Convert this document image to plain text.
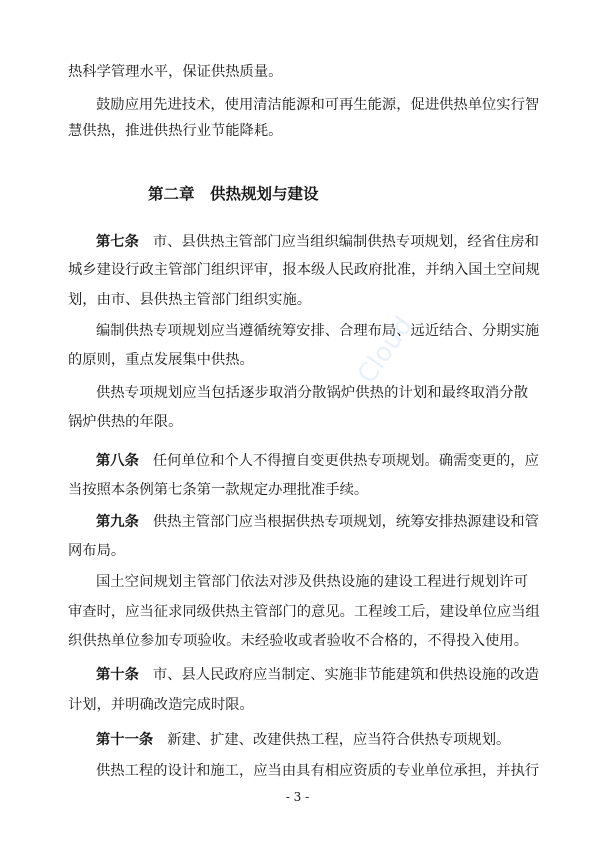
热科学管理水平，保证供热质量。
鼓励应用先进技术，使用清洁能源和可再生能源，促进供热单位实行智
慧供热，推进供热行业节能降耗。
第二章　供热规划与建设
第七条 市、县供热主管部门应当组织编制供热专项规划，经省住房和
城乡建设行政主管部门组织评审，报本级人民政府批准，并纳入国土空间规
划，由市、县供热主管部门组织实施。
编制供热专项规划应当遵循统筹安排、合理布局、远近结合、分期实施
的原则，重点发展集中供热。
供热专项规划应当包括逐步取消分散锅炉供热的计划和最终取消分散
锅炉供热的年限。
第八条 任何单位和个人不得擅自变更供热专项规划。确需变更的，应
当按照本条例第七条第一款规定办理批准手续。
第九条 供热主管部门应当根据供热专项规划，统筹安排热源建设和管
网布局。
国土空间规划主管部门依法对涉及供热设施的建设工程进行规划许可
审查时，应当征求同级供热主管部门的意见。工程竣工后，建设单位应当组
织供热单位参加专项验收。未经验收或者验收不合格的，不得投入使用。
第十条 市、县人民政府应当制定、实施非节能建筑和供热设施的改造
计划，并明确改造完成时限。
第十一条 新建、扩建、改建供热工程，应当符合供热专项规划。
供热工程的设计和施工，应当由具有相应资质的专业单位承担，并执行
- 3 -
Cloud
